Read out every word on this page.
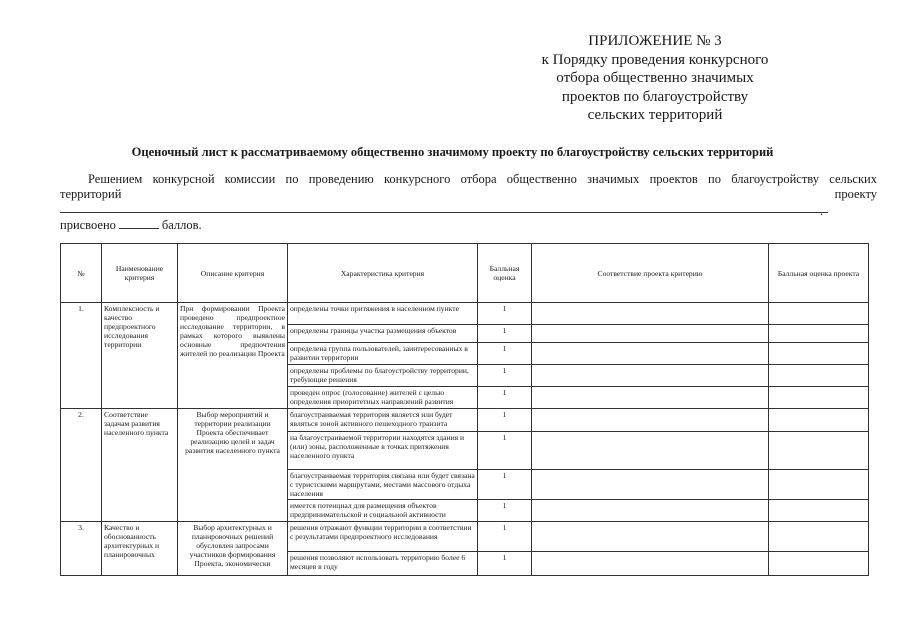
ПРИЛОЖЕНИЕ № 3
к Порядку проведения конкурсного
отбора общественно значимых
проектов по благоустройству
сельских территорий
Оценочный лист к рассматриваемому общественно значимому проекту по благоустройству сельских территорий
Решением конкурсной комиссии по проведению конкурсного отбора общественно значимых проектов по благоустройству сельских
территорий	проекту
.
присвоено	баллов.
№	Наименование критерия	Описание критерия	Характеристика критерия	Балльная оценка	Соответствие проекта критерию	Балльная оценка проекта
1.	Комплексность и качество предпроектного исследования территории	При формировании Проекта проведено предпроектное исследование территории, в рамках которого выявлены основные предпочтения жителей по реализации Проекта	определены точки притяжения в населенном пункте	1		
			определены границы участка размещения объектов	1		
			определена группа пользователей, заинтересованных в развитии территории	1		
			определены проблемы по благоустройству территории, требующие решения	1		
			проведен опрос (голосование) жителей с целью определения приоритетных направлений развития	1		
2.	Соответствие задачам развития населенного пункта	Выбор мероприятий и территории реализации Проекта обеспечивает реализацию целей и задач развития населенного пункта	благоустраиваемая территория является или будет являться зоной активного пешеходного транзита	1		
			на благоустраиваемой территории находятся здания и (или) зоны, расположенные в точках притяжения населенного пункта	1		
			благоустраиваемая территория связана или будет связана с туристскими маршрутами, местами массового отдыха населения	1		
			имеется потенциал для размещения объектов предпринимательской и социальной активности	1		
3.	Качество и обоснованность архитектурных и планировочных	Выбор архитектурных и планировочных решений обусловлен запросами участников формирования Проекта, экономически	решения отражают функции территории в соответствии с результатами предпроектного исследования	1		
			решения позволяют использовать территорию более 6 месяцев в году	1		
